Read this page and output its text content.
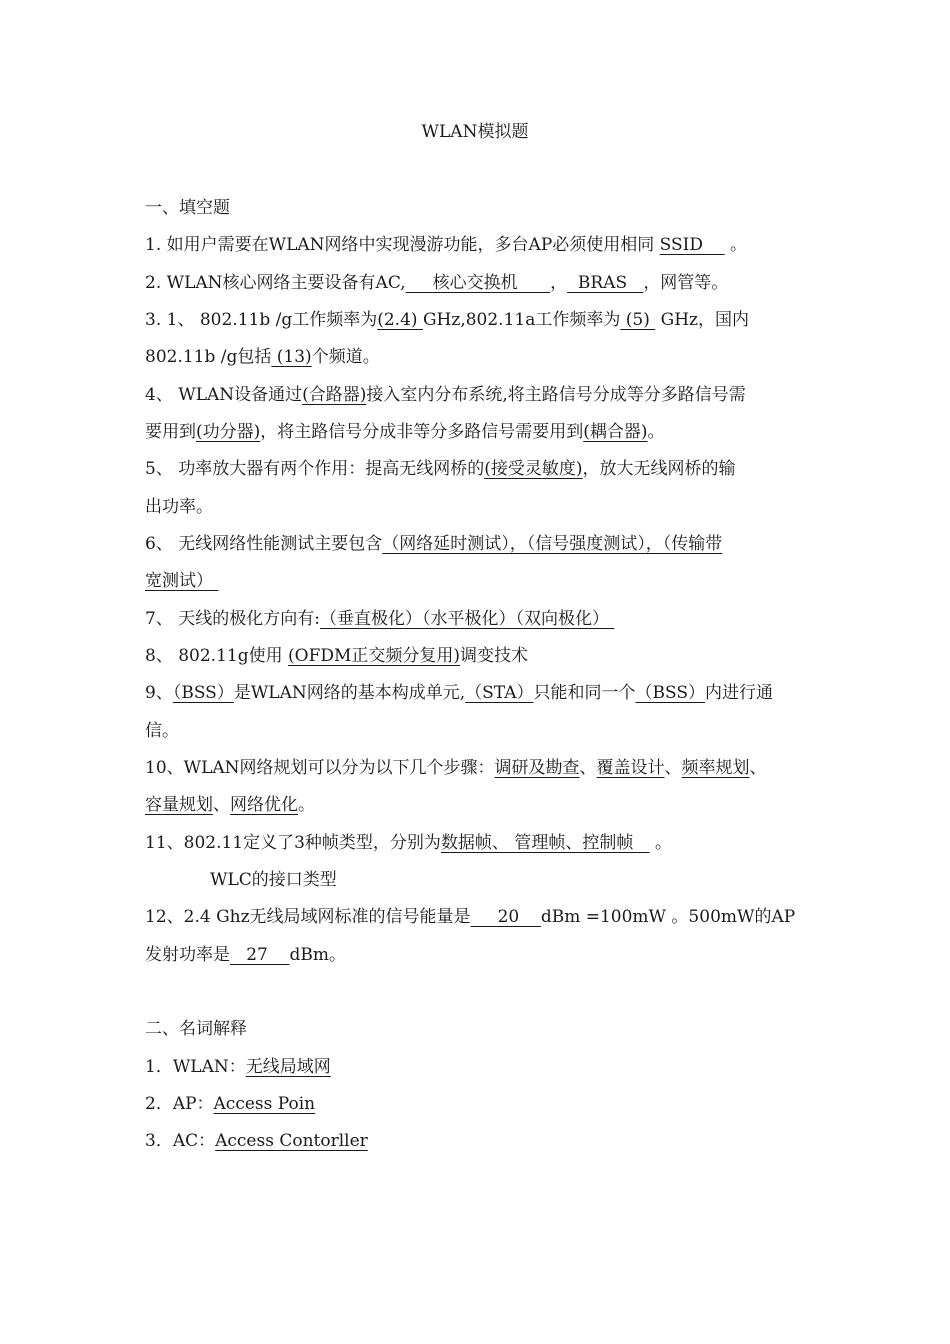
WLAN模拟题
一、填空题
1. 如用户需要在WLAN网络中实现漫游功能，多台AP必须使用相同 SSID     。
2. WLAN核心网络主要设备有AC,     核心交换机      ，  BRAS   ，网管等。
3. 1、 802.11b /g工作频率为(2.4) GHz,802.11a工作频率为 (5)  GHz，国内
802.11b /g包括 (13)个频道。
4、 WLAN设备通过(合路器)接入室内分布系统,将主路信号分成等分多路信号需
要用到(功分器)，将主路信号分成非等分多路信号需要用到(耦合器)。
5、 功率放大器有两个作用：提高无线网桥的(接受灵敏度)，放大无线网桥的输
出功率。
6、 无线网络性能测试主要包含（网络延时测试），（信号强度测试），（传输带
宽测试）
7、 天线的极化方向有:（垂直极化）（水平极化）（双向极化）
8、 802.11g使用 (OFDM正交频分复用)调变技术
9、（BSS）是WLAN网络的基本构成单元,（STA）只能和同一个（BSS）内进行通
信。
10、WLAN网络规划可以分为以下几个步骤：调研及勘查、覆盖设计、频率规划、
容量规划、网络优化。
11、802.11定义了3种帧类型，分别为数据帧、 管理帧、控制帧    。
WLC的接口类型
12、2.4 Ghz无线局域网标准的信号能量是     20    dBm =100mW 。500mW的AP
发射功率是   27    dBm。
二、名词解释
1．WLAN：无线局域网
2．AP：Access Poin
3．AC：Access Contorller
